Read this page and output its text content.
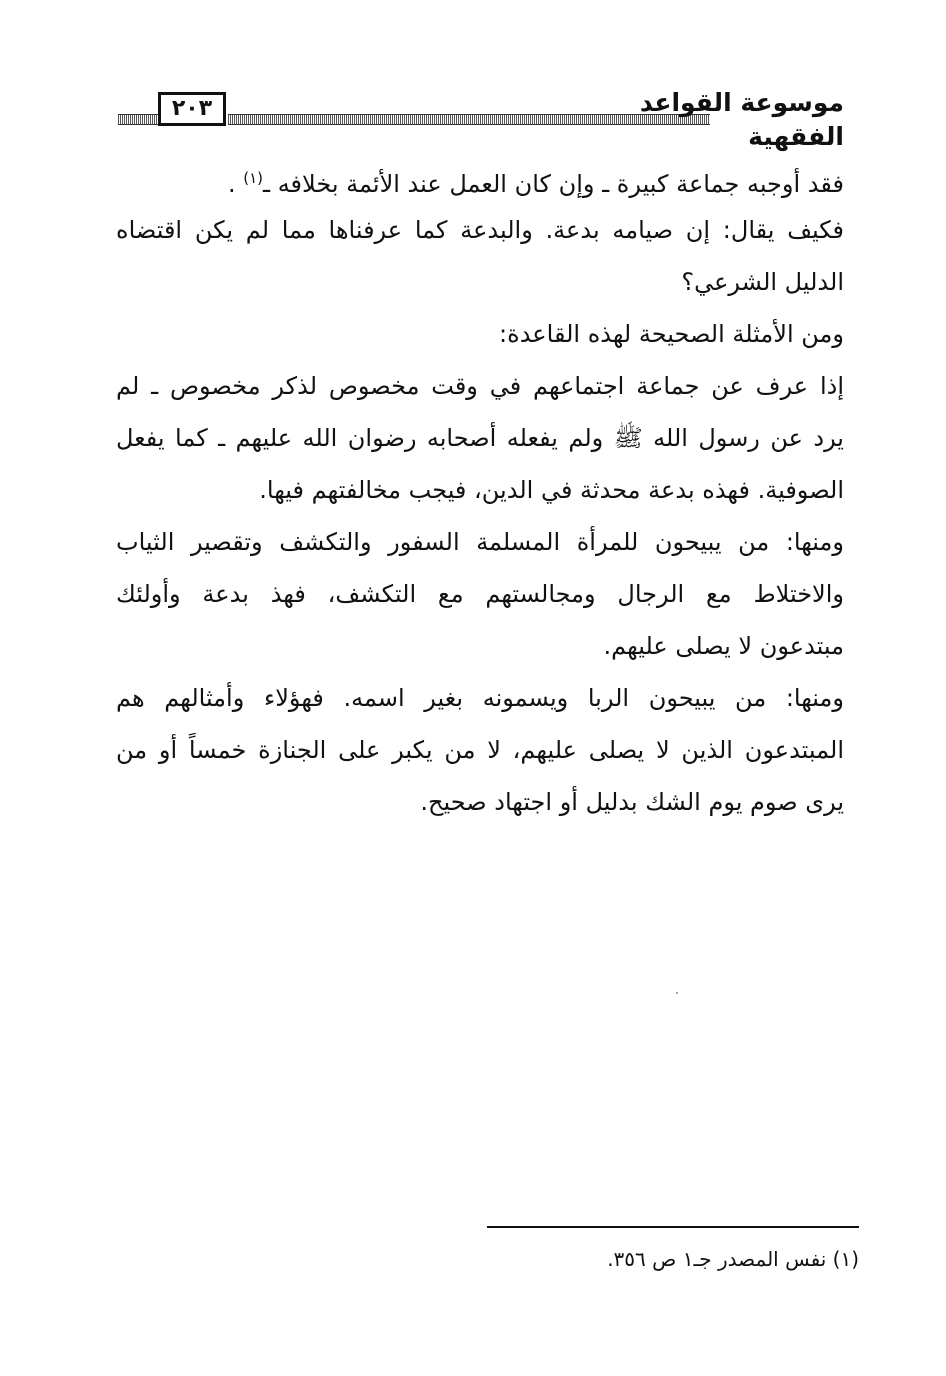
٢٠٣	موسوعة القواعد الفقهية
فقد أوجبه جماعة كبيرة ـ وإن كان العمل عند الأئمة بخلافه ـ$^{(١)}$ .
فكيف يقال: إن صيامه بدعة. والبدعة كما عرفناها مما لم يكن اقتضاه
الدليل الشرعي؟
ومن الأمثلة الصحيحة لهذه القاعدة:
إذا عرف عن جماعة اجتماعهم في وقت مخصوص لذكر مخصوص ـ لم
يرد عن رسول الله ﷺ ولم يفعله أصحابه رضوان الله عليهم ـ كما يفعل
الصوفية. فهذه بدعة محدثة في الدين، فيجب مخالفتهم فيها.
ومنها: من يبيحون للمرأة المسلمة السفور والتكشف وتقصير الثياب
والاختلاط مع الرجال ومجالستهم مع التكشف، فهذ بدعة وأولئك
مبتدعون لا يصلى عليهم.
ومنها: من يبيحون الربا ويسمونه بغير اسمه. فهؤلاء وأمثالهم هم
المبتدعون الذين لا يصلى عليهم، لا من يكبر على الجنازة خمساً أو من
يرى صوم يوم الشك بدليل أو اجتهاد صحيح.
(١) نفس المصدر جـ١ ص ٣٥٦.
